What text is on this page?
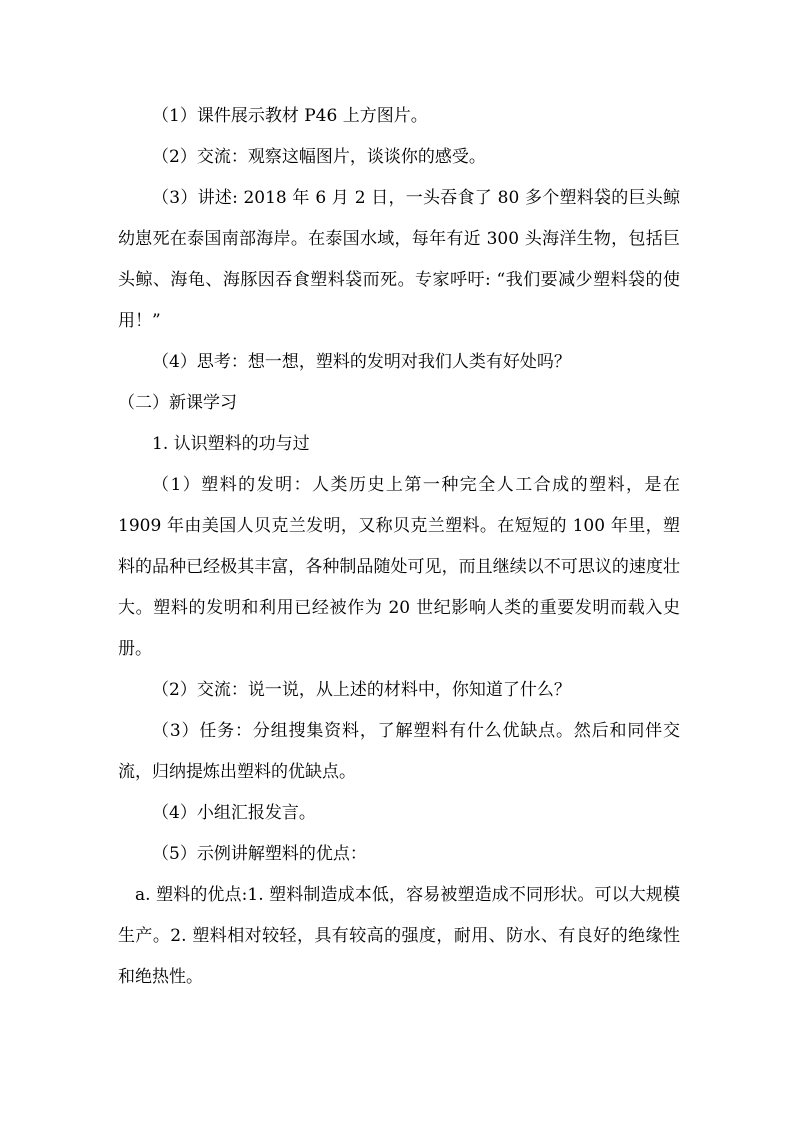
（1）课件展示教材 P46 上方图片。

（2）交流：观察这幅图片，谈谈你的感受。

（3）讲述: 2018 年 6 月 2 日，一头吞食了 80 多个塑料袋的巨头鲸幼崽死在泰国南部海岸。在泰国水域，每年有近 300 头海洋生物，包括巨头鲸、海龟、海豚因吞食塑料袋而死。专家呼吁: “我们要减少塑料袋的使用！”

（4）思考：想一想，塑料的发明对我们人类有好处吗？

（二）新课学习

1. 认识塑料的功与过

（1）塑料的发明：人类历史上第一种完全人工合成的塑料，是在 1909 年由美国人贝克兰发明，又称贝克兰塑料。在短短的 100 年里，塑料的品种已经极其丰富，各种制品随处可见，而且继续以不可思议的速度壮大。塑料的发明和利用已经被作为 20 世纪影响人类的重要发明而载入史册。

（2）交流：说一说，从上述的材料中，你知道了什么？

（3）任务：分组搜集资料，了解塑料有什么优缺点。然后和同伴交流，归纳提炼出塑料的优缺点。

（4）小组汇报发言。

（5）示例讲解塑料的优点：

a. 塑料的优点:1. 塑料制造成本低，容易被塑造成不同形状。可以大规模生产。2. 塑料相对较轻，具有较高的强度，耐用、防水、有良好的绝缘性和绝热性。
